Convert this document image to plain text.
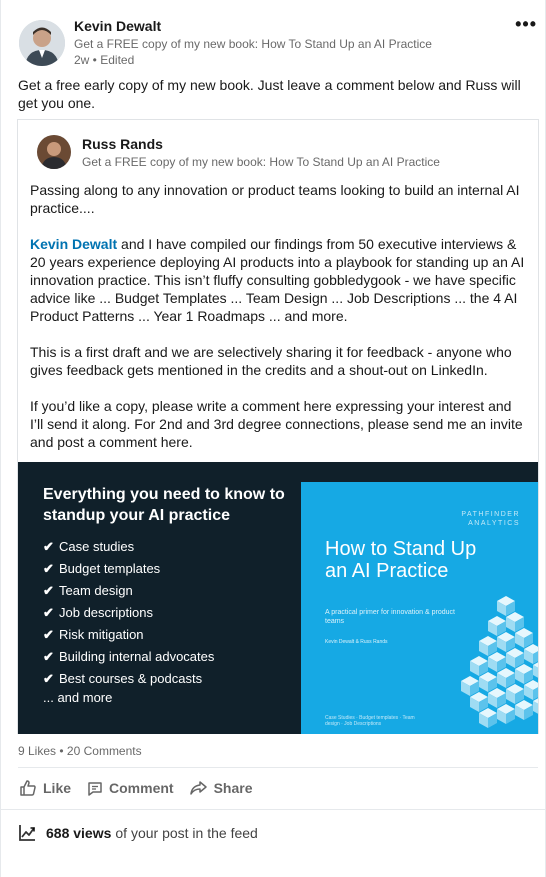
Kevin Dewalt
Get a FREE copy of my new book: How To Stand Up an AI Practice
2w • Edited
•••
Get a free early copy of my new book. Just leave a comment below and Russ will get you one.
Russ Rands
Get a FREE copy of my new book: How To Stand Up an AI Practice

Passing along to any innovation or product teams looking to build an internal AI practice....

Kevin Dewalt and I have compiled our findings from 50 executive interviews & 20 years experience deploying AI products into a playbook for standing up an AI innovation practice. This isn’t fluffy consulting gobbledygook - we have specific advice like ... Budget Templates ... Team Design ... Job Descriptions ... the 4 AI Product Patterns ... Year 1 Roadmaps ... and more.

This is a first draft and we are selectively sharing it for feedback - anyone who gives feedback gets mentioned in the credits and a shout-out on LinkedIn.

If you’d like a copy, please write a comment here expressing your interest and I’ll send it along. For 2nd and 3rd degree connections, please send me an invite and post a comment here.

Everything you need to know to standup your AI practice
✔ Case studies
✔ Budget templates
✔ Team design
✔ Job descriptions
✔ Risk mitigation
✔ Building internal advocates
✔ Best courses & podcasts
... and more
PATHFINDER ANALYTICS
How to Stand Up an AI Practice
A practical primer for innovation & product teams
Kevin Dewalt & Russ Rands
Case Studies · Budget templates · Team design · Job Descriptions
9 Likes • 20 Comments
Like	Comment	Share
688 views of your post in the feed
